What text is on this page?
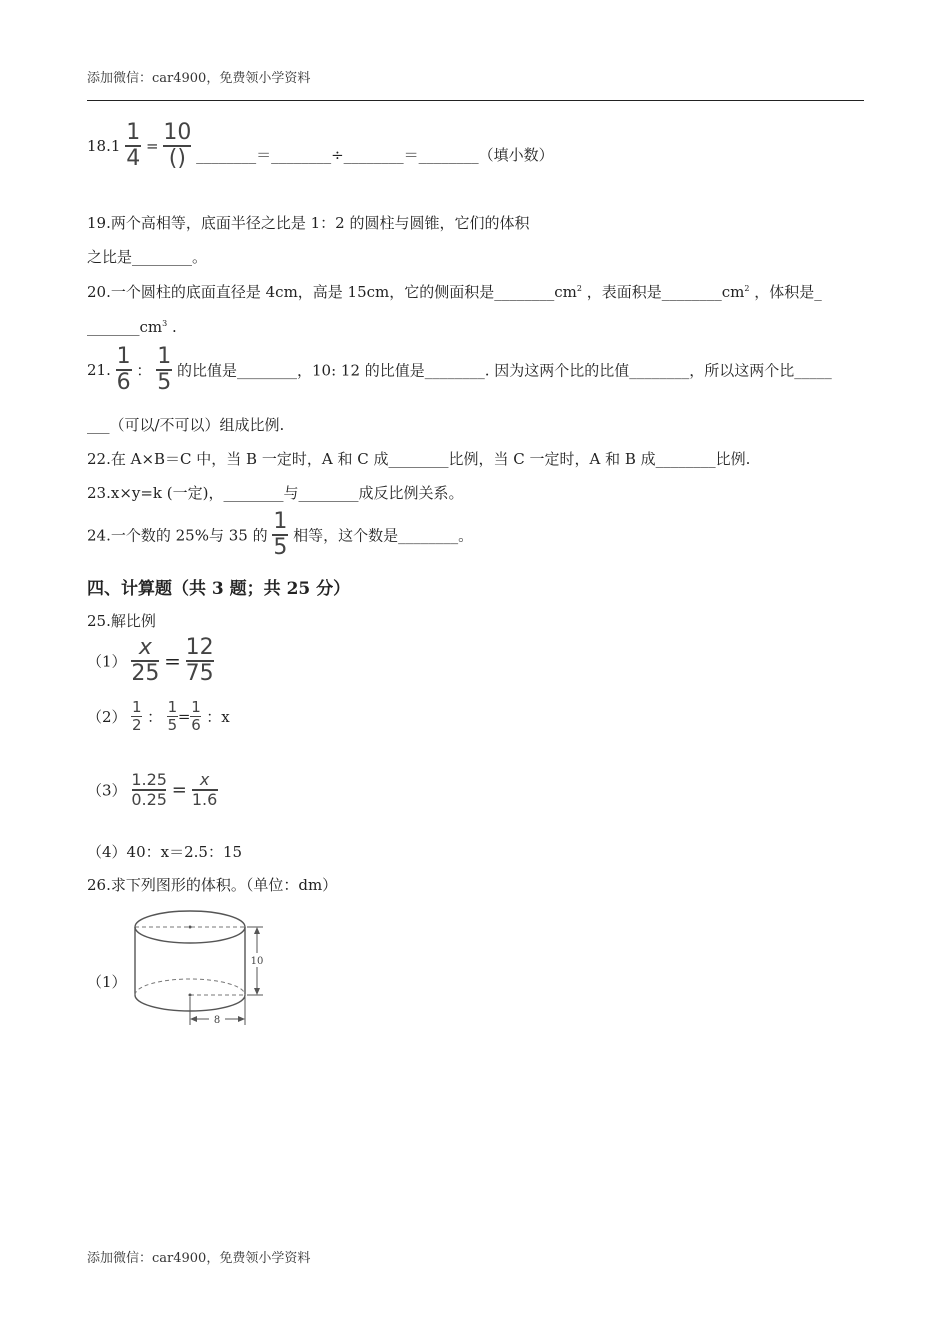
添加微信：car4900，免费领小学资料
$18.1 \frac{1}{4} = \frac{10}{()}$ ________＝________÷________＝________（填小数）
19.两个高相等，底面半径之比是 1：2 的圆柱与圆锥，它们的体积
之比是________。
20.一个圆柱的底面直径是 4cm，高是 15cm，它的侧面积是$\_\_\_\_\_\_\_\_cm^2$ ，表面积是$\_\_\_\_\_\_\_\_cm^2$ ，体积是_
$\_\_\_\_\_\_\_cm^3$ .
21. $\frac{1}{6}$ ： $\frac{1}{5}$ 的比值是________，10: 12 的比值是________. 因为这两个比的比值________，所以这两个比_____
___（可以/不可以）组成比例.
22.在 A×B＝C 中，当 B 一定时，A 和 C 成________比例，当 C 一定时，A 和 B 成________比例.
23.x×y=k (一定)，________与________成反比例关系。
24.一个数的 25%与 35 的 $\frac{1}{5}$ 相等，这个数是________。
四、计算题（共 3 题；共 25 分）
25.解比例
$(1) \frac{x}{25} = \frac{12}{75}$
$(2) \frac{1}{2}$ ： $\frac{1}{5} = \frac{1}{6}$ ：x
$(3) \frac{1.25}{0.25} = \frac{x}{1.6}$
（4）40：x＝2.5：15
26.求下列图形的体积。（单位：dm）
（1）
10
8
添加微信：car4900，免费领小学资料
